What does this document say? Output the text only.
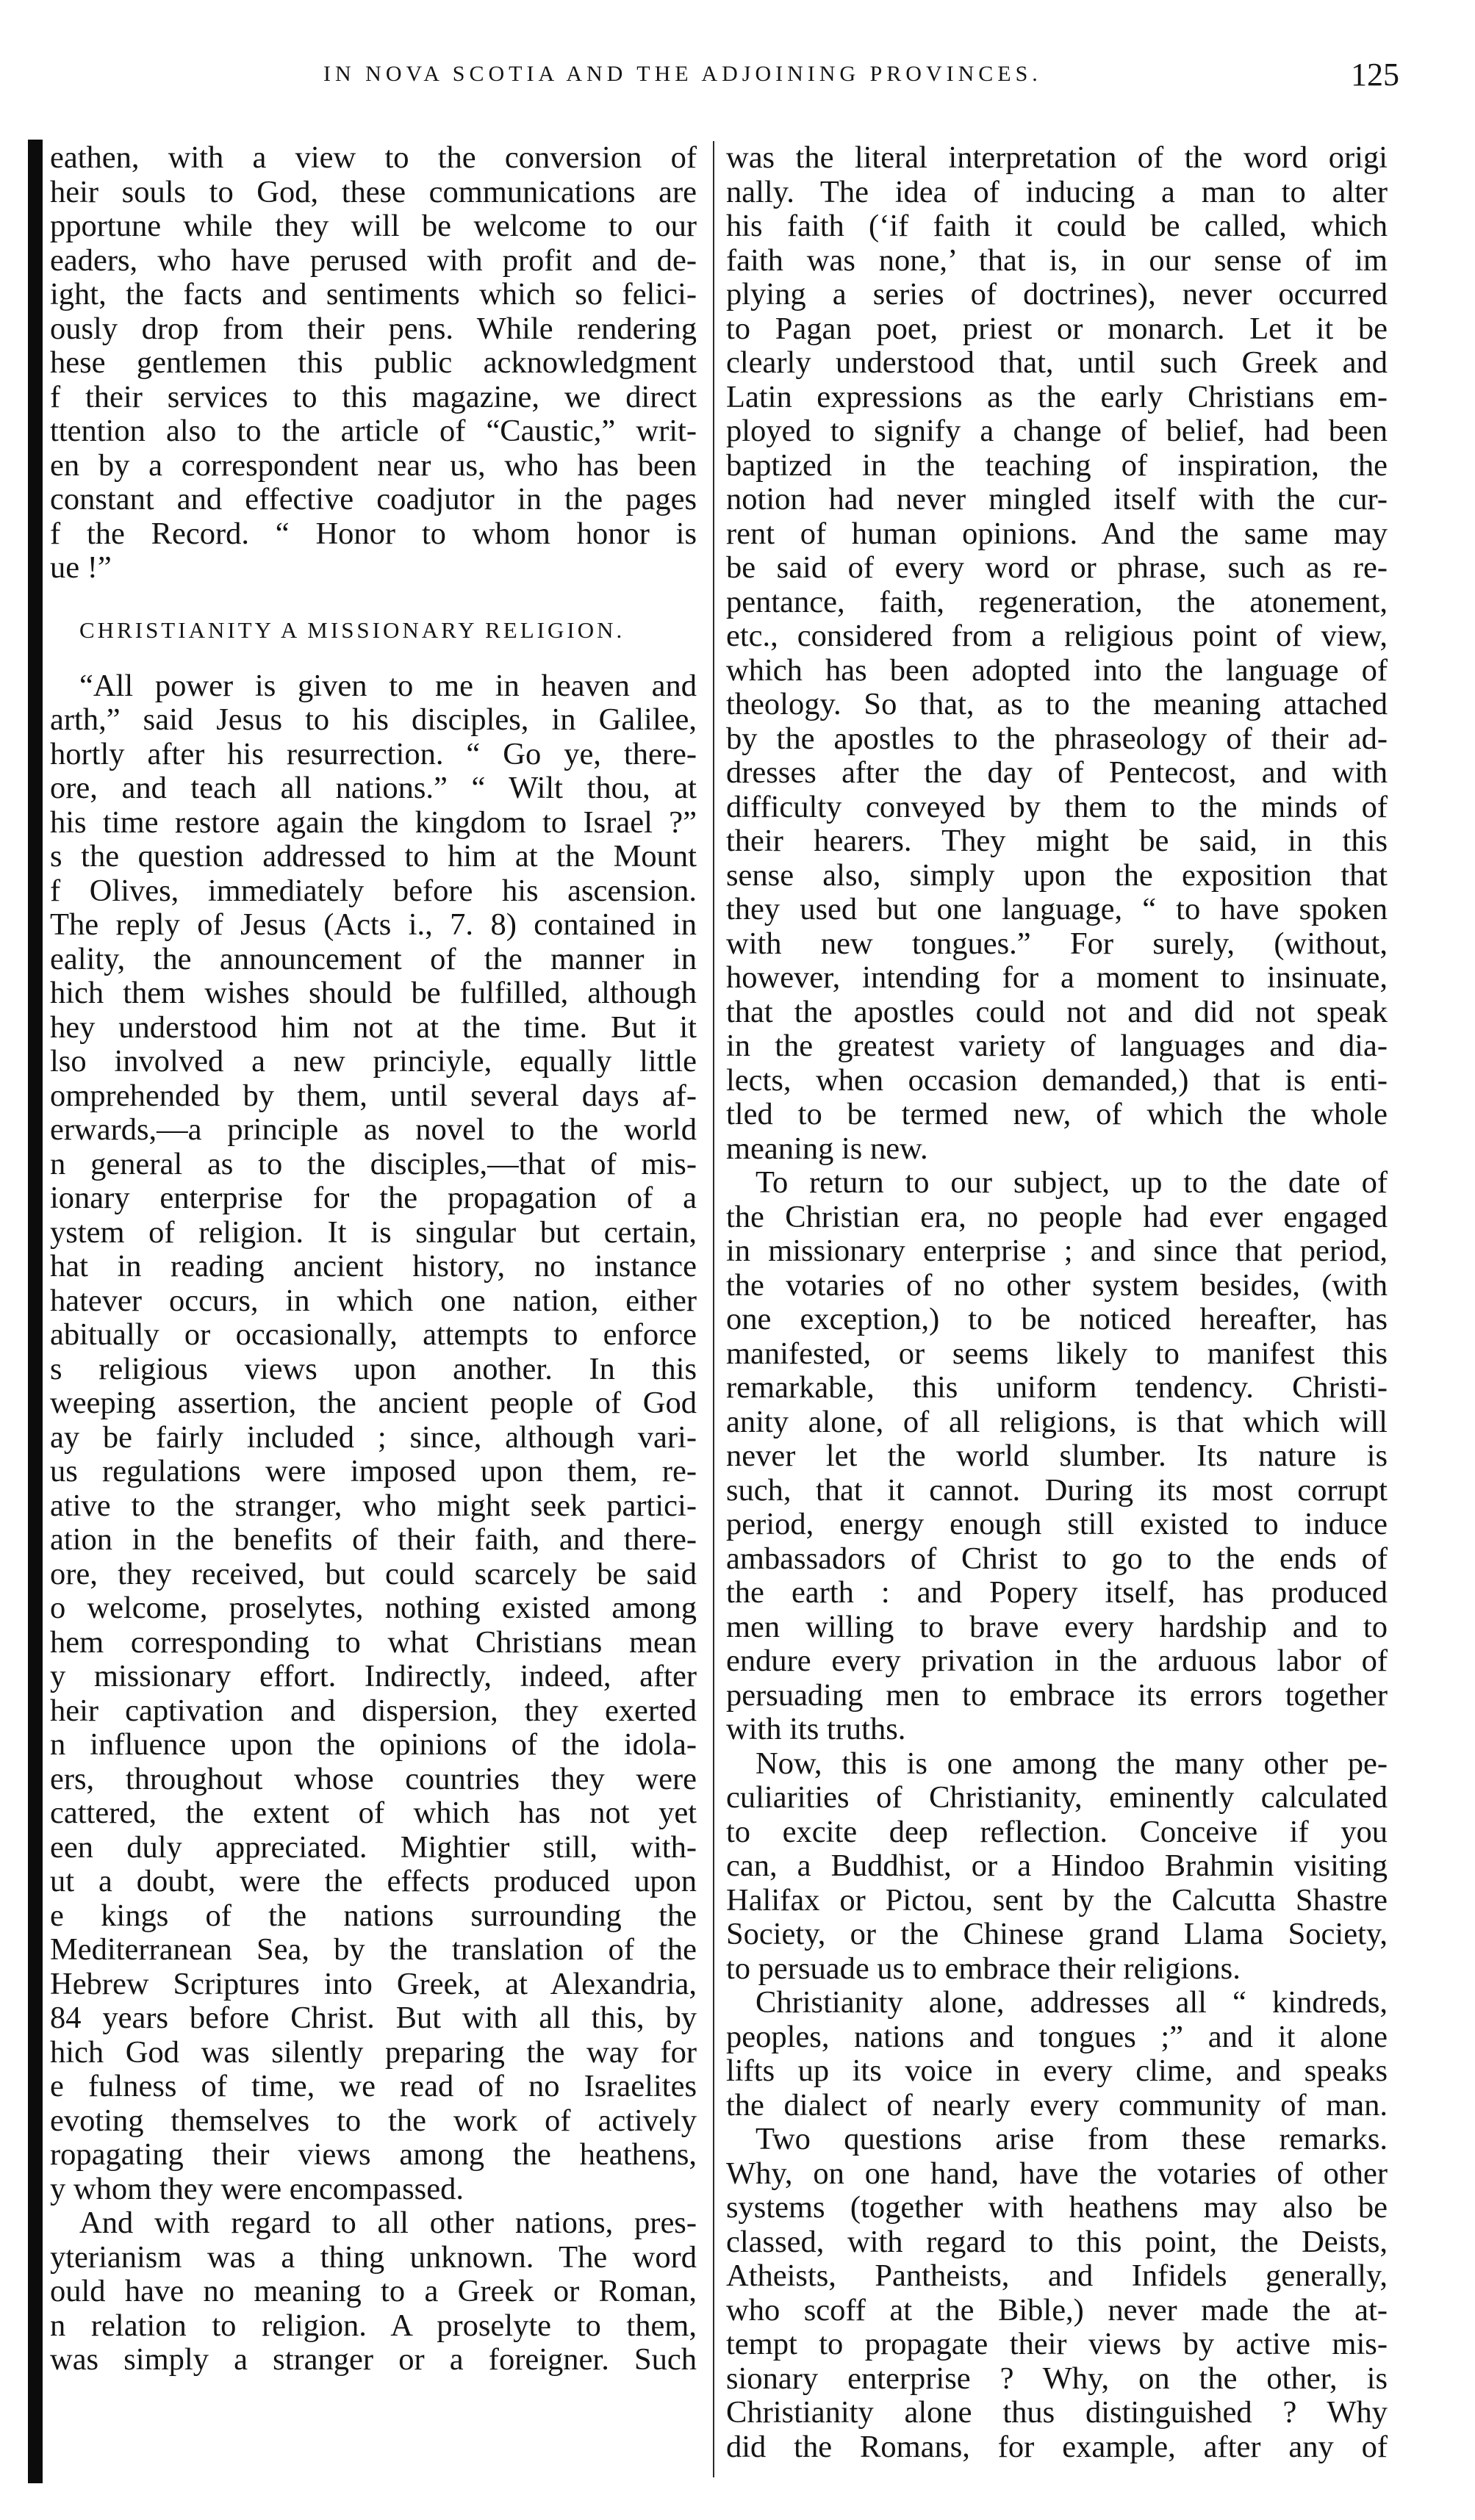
IN NOVA SCOTIA AND THE ADJOINING PROVINCES.	125
eathen, with a view to the conversion of
heir souls to God, these communications are
pportune while they will be welcome to our
eaders, who have perused with profit and de-
ight, the facts and sentiments which so felici-
ously drop from their pens. While rendering
hese gentlemen this public acknowledgment
f their services to this magazine, we direct
ttention also to the article of “Caustic,” writ-
en by a correspondent near us, who has been
constant and effective coadjutor in the pages
f the Record. “ Honor to whom honor is
ue !”
CHRISTIANITY A MISSIONARY RELIGION.
“All power is given to me in heaven and
arth,” said Jesus to his disciples, in Galilee,
hortly after his resurrection. “ Go ye, there-
ore, and teach all nations.” “ Wilt thou, at
his time restore again the kingdom to Israel ?”
s the question addressed to him at the Mount
f Olives, immediately before his ascension.
The reply of Jesus (Acts i., 7. 8) contained in
eality, the announcement of the manner in
hich them wishes should be fulfilled, although
hey understood him not at the time. But it
lso involved a new princiyle, equally little
omprehended by them, until several days af-
erwards,—a principle as novel to the world
n general as to the disciples,—that of mis-
ionary enterprise for the propagation of a
ystem of religion. It is singular but certain,
hat in reading ancient history, no instance
hatever occurs, in which one nation, either
abitually or occasionally, attempts to enforce
s religious views upon another. In this
weeping assertion, the ancient people of God
ay be fairly included ; since, although vari-
us regulations were imposed upon them, re-
ative to the stranger, who might seek partici-
ation in the benefits of their faith, and there-
ore, they received, but could scarcely be said
o welcome, proselytes, nothing existed among
hem corresponding to what Christians mean
y missionary effort. Indirectly, indeed, after
heir captivation and dispersion, they exerted
n influence upon the opinions of the idola-
ers, throughout whose countries they were
cattered, the extent of which has not yet
een duly appreciated. Mightier still, with-
ut a doubt, were the effects produced upon
e kings of the nations surrounding the
Mediterranean Sea, by the translation of the
Hebrew Scriptures into Greek, at Alexandria,
84 years before Christ. But with all this, by
hich God was silently preparing the way for
e fulness of time, we read of no Israelites
evoting themselves to the work of actively
ropagating their views among the heathens,
y whom they were encompassed.
And with regard to all other nations, pres-
yterianism was a thing unknown. The word
ould have no meaning to a Greek or Roman,
n relation to religion. A proselyte to them,
was simply a stranger or a foreigner. Such
was the literal interpretation of the word origi
nally. The idea of inducing a man to alter
his faith (‘if faith it could be called, which
faith was none,’ that is, in our sense of im
plying a series of doctrines), never occurred
to Pagan poet, priest or monarch. Let it be
clearly understood that, until such Greek and
Latin expressions as the early Christians em-
ployed to signify a change of belief, had been
baptized in the teaching of inspiration, the
notion had never mingled itself with the cur-
rent of human opinions. And the same may
be said of every word or phrase, such as re-
pentance, faith, regeneration, the atonement,
etc., considered from a religious point of view,
which has been adopted into the language of
theology. So that, as to the meaning attached
by the apostles to the phraseology of their ad-
dresses after the day of Pentecost, and with
difficulty conveyed by them to the minds of
their hearers. They might be said, in this
sense also, simply upon the exposition that
they used but one language, “ to have spoken
with new tongues.” For surely, (without,
however, intending for a moment to insinuate,
that the apostles could not and did not speak
in the greatest variety of languages and dia-
lects, when occasion demanded,) that is enti-
tled to be termed new, of which the whole
meaning is new.
To return to our subject, up to the date of
the Christian era, no people had ever engaged
in missionary enterprise ; and since that period,
the votaries of no other system besides, (with
one exception,) to be noticed hereafter, has
manifested, or seems likely to manifest this
remarkable, this uniform tendency. Christi-
anity alone, of all religions, is that which will
never let the world slumber. Its nature is
such, that it cannot. During its most corrupt
period, energy enough still existed to induce
ambassadors of Christ to go to the ends of
the earth : and Popery itself, has produced
men willing to brave every hardship and to
endure every privation in the arduous labor of
persuading men to embrace its errors together
with its truths.
Now, this is one among the many other pe-
culiarities of Christianity, eminently calculated
to excite deep reflection. Conceive if you
can, a Buddhist, or a Hindoo Brahmin visiting
Halifax or Pictou, sent by the Calcutta Shastre
Society, or the Chinese grand Llama Society,
to persuade us to embrace their religions.
Christianity alone, addresses all “ kindreds,
peoples, nations and tongues ;” and it alone
lifts up its voice in every clime, and speaks
the dialect of nearly every community of man.
Two questions arise from these remarks.
Why, on one hand, have the votaries of other
systems (together with heathens may also be
classed, with regard to this point, the Deists,
Atheists, Pantheists, and Infidels generally,
who scoff at the Bible,) never made the at-
tempt to propagate their views by active mis-
sionary enterprise ? Why, on the other, is
Christianity alone thus distinguished ? Why
did the Romans, for example, after any of
